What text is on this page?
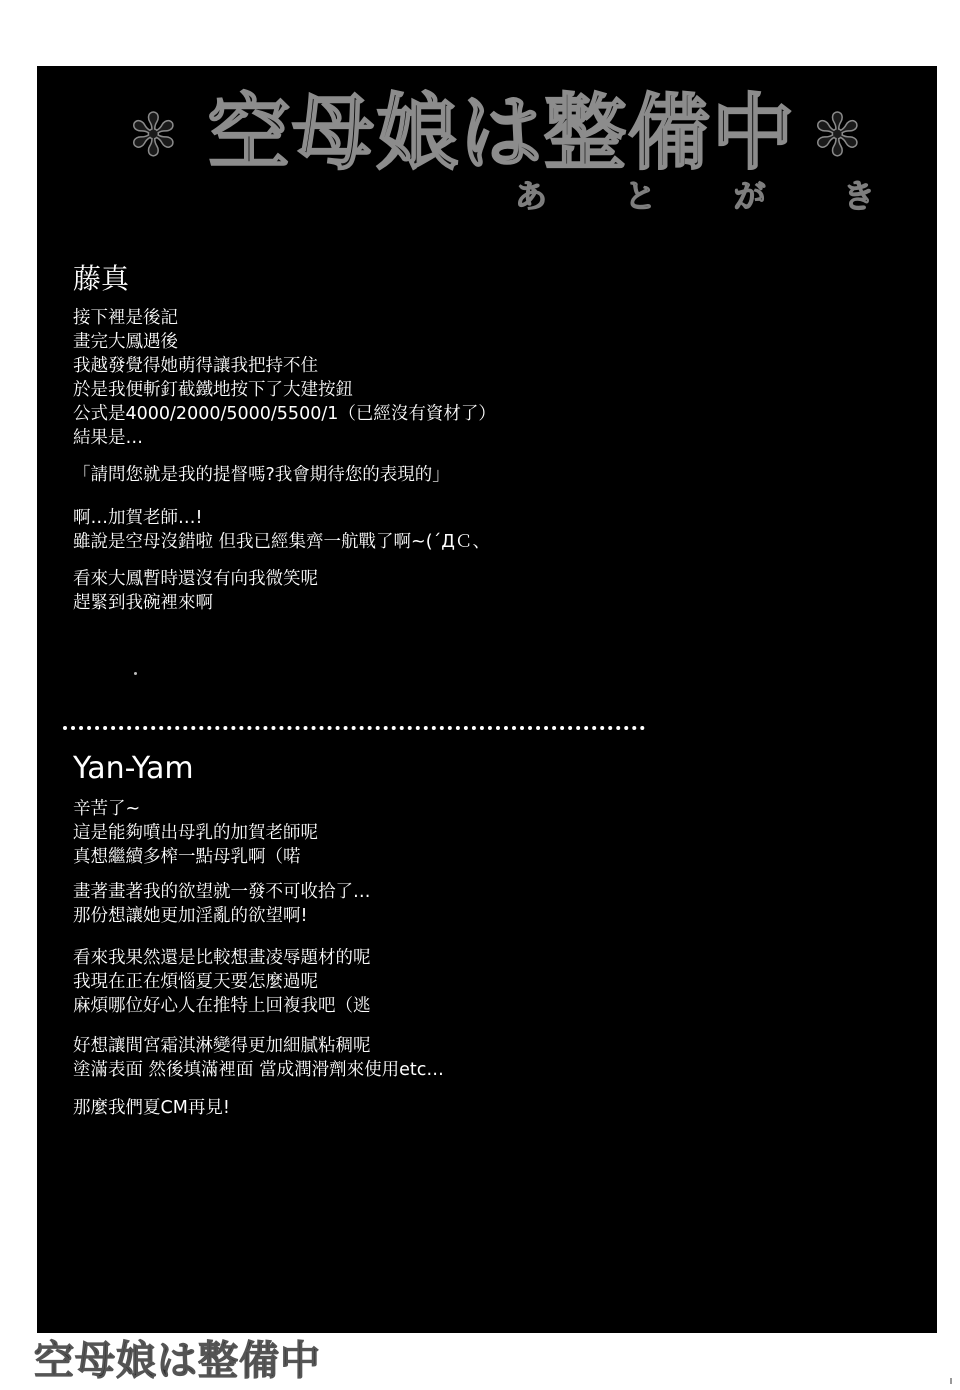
✻ 空母娘は整備中 ✻
あ と が き
藤真
接下裡是後記
畫完大鳳遇後
我越發覺得她萌得讓我把持不住
於是我便斬釘截鐵地按下了大建按鈕
公式是4000/2000/5000/5500/1（已經沒有資材了）
結果是…
「請問您就是我的提督嗎?我會期待您的表現的」
啊…加賀老師…!
雖說是空母沒錯啦 但我已經集齊一航戰了啊~(´ДＣ、
看來大鳳暫時還沒有向我微笑呢
趕緊到我碗裡來啊
Yan-Yam
辛苦了~
這是能夠噴出母乳的加賀老師呢
真想繼續多榨一點母乳啊（喏
畫著畫著我的欲望就一發不可收拾了…
那份想讓她更加淫亂的欲望啊!
看來我果然還是比較想畫凌辱題材的呢
我現在正在煩惱夏天要怎麼過呢
麻煩哪位好心人在推特上回複我吧（逃
好想讓間宮霜淇淋變得更加細膩粘稠呢
塗滿表面 然後填滿裡面 當成潤滑劑來使用etc…
那麼我們夏CM再見!
空母娘は整備中
